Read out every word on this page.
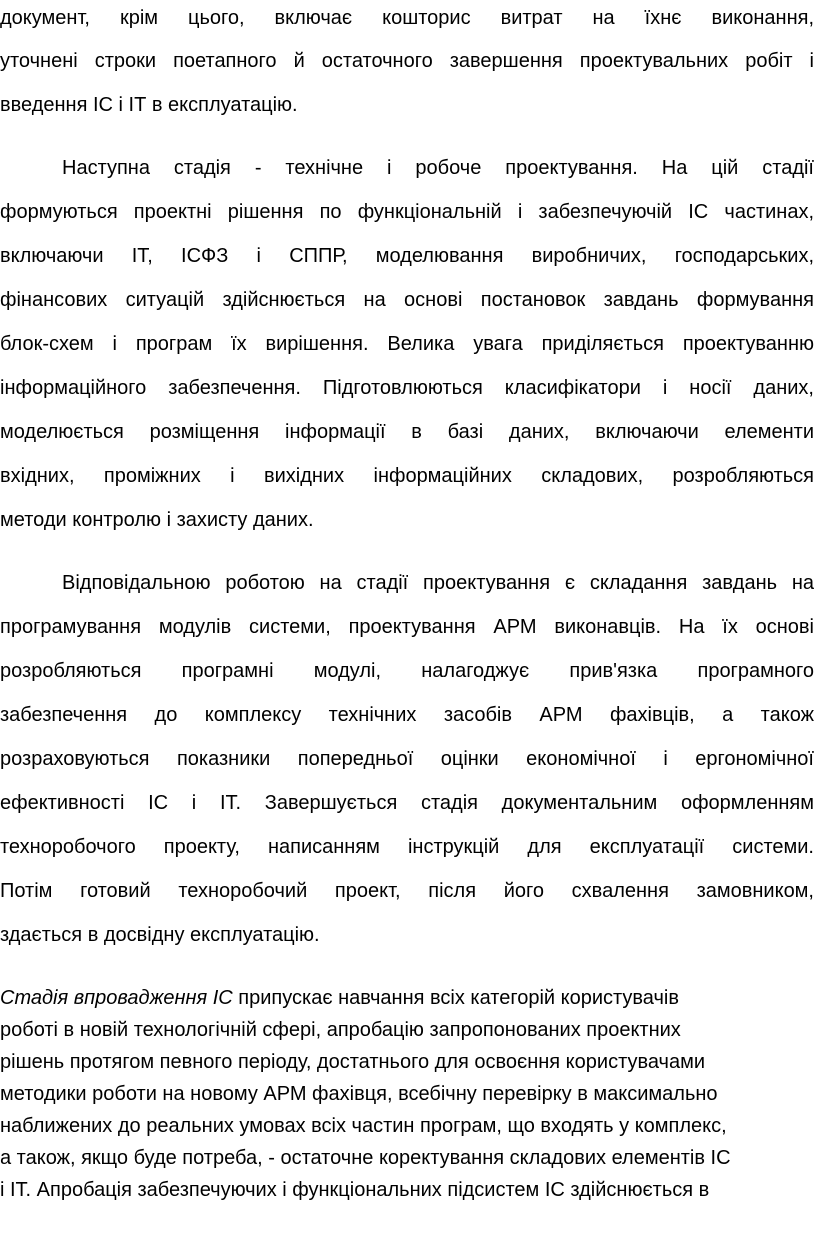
документ, крім цього, включає кошторис витрат на їхнє виконання,
уточнені строки поетапного й остаточного завершення проектувальних робіт і
введення ІС і ІТ в експлуатацію.
Наступна стадія - технічне і робоче проектування. На цій стадії
формуються проектні рішення по функціональній і забезпечуючій ІС частинах,
включаючи ІТ, ІСФЗ і СППР, моделювання виробничих, господарських,
фінансових ситуацій здійснюється на основі постановок завдань формування
блок-схем і програм їх вирішення. Велика увага приділяється проектуванню
інформаційного забезпечення. Підготовлюються класифікатори і носії даних,
моделюється розміщення інформації в базі даних, включаючи елементи
вхідних, проміжних і вихідних інформаційних складових, розробляються
методи контролю і захисту даних.
Відповідальною роботою на стадії проектування є складання завдань на
програмування модулів системи, проектування АРМ виконавців. На їх основі
розробляються програмні модулі, налагоджує прив'язка програмного
забезпечення до комплексу технічних засобів АРМ фахівців, а також
розраховуються показники попередньої оцінки економічної і ергономічної
ефективності ІС і ІТ. Завершується стадія документальним оформленням
технoробочого проекту, написанням інструкцій для експлуатації системи.
Потім готовий технoробочий проект, після його схвалення замовником,
здається в досвідну експлуатацію.
Стадія впровадження ІС припускає навчання всіх категорій користувачів
роботі в новій технологічній сфері, апробацію запропонованих проектних
рішень протягом певного періоду, достатнього для освоєння користувачами
методики роботи на новому АРМ фахівця, всебічну перевірку в максимально
наближених до реальних умовах всіх частин програм, що входять у комплекс,
а також, якщо буде потреба, - остаточне коректування складових елементів ІС
і ІТ. Апробація забезпечуючих і функціональних підсистем ІС здійснюється в
